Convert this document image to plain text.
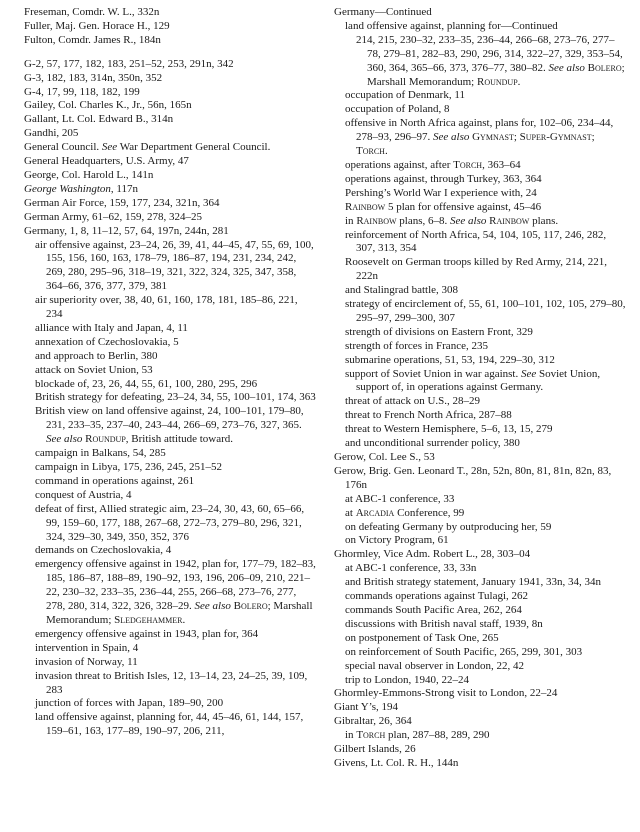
Freseman, Comdr. W. L., 332n

Fuller, Maj. Gen. Horace H., 129

Fulton, Comdr. James R., 184n

G-2, 57, 177, 182, 183, 251–52, 253, 291n, 342

G-3, 182, 183, 314n, 350n, 352

G-4, 17, 99, 118, 182, 199

Gailey, Col. Charles K., Jr., 56n, 165n

Gallant, Lt. Col. Edward B., 314n

Gandhi, 205

General Council. See War Department General Council.

General Headquarters, U.S. Army, 47

George, Col. Harold L., 141n

George Washington, 117n

German Air Force, 159, 177, 234, 321n, 364

German Army, 61–62, 159, 278, 324–25

Germany, 1, 8, 11–12, 57, 64, 197n, 244n, 281

air offensive against, 23–24, 26, 39, 41, 44–45, 47, 55, 69, 100, 155, 156, 160, 163, 178–79, 186–87, 194, 231, 234, 242, 269, 280, 295–96, 318–19, 321, 322, 324, 325, 347, 358, 364–66, 376, 377, 379, 381

air superiority over, 38, 40, 61, 160, 178, 181, 185–86, 221, 234

alliance with Italy and Japan, 4, 11

annexation of Czechoslovakia, 5

and approach to Berlin, 380

attack on Soviet Union, 53

blockade of, 23, 26, 44, 55, 61, 100, 280, 295, 296

British strategy for defeating, 23–24, 34, 55, 100–101, 174, 363

British view on land offensive against, 24, 100–101, 179–80, 231, 233–35, 237–40, 243–44, 266–69, 273–76, 327, 365. See also Roundup, British attitude toward.

campaign in Balkans, 54, 285

campaign in Libya, 175, 236, 245, 251–52

command in operations against, 261

conquest of Austria, 4

defeat of first, Allied strategic aim, 23–24, 30, 43, 60, 65–66, 99, 159–60, 177, 188, 267–68, 272–73, 279–80, 296, 321, 324, 329–30, 349, 350, 352, 376

demands on Czechoslovakia, 4

emergency offensive against in 1942, plan for, 177–79, 182–83, 185, 186–87, 188–89, 190–92, 193, 196, 206–09, 210, 221–22, 230–32, 233–35, 236–44, 255, 266–68, 273–76, 277, 278, 280, 314, 322, 326, 328–29. See also Bolero; Marshall Memorandum; Sledgehammer.

emergency offensive against in 1943, plan for, 364

intervention in Spain, 4

invasion of Norway, 11

invasion threat to British Isles, 12, 13–14, 23, 24–25, 39, 109, 283

junction of forces with Japan, 189–90, 200

land offensive against, planning for, 44, 45–46, 61, 144, 157, 159–61, 163, 177–89, 190–97, 206, 211,

Germany—Continued

land offensive against, planning for—Continued

214, 215, 230–32, 233–35, 236–44, 266–68, 273–76, 277–78, 279–81, 282–83, 290, 296, 314, 322–27, 329, 353–54, 360, 364, 365–66, 373, 376–77, 380–82. See also Bolero; Marshall Memorandum; Roundup.

occupation of Denmark, 11

occupation of Poland, 8

offensive in North Africa against, plans for, 102–06, 234–44, 278–93, 296–97. See also Gymnast; Super-Gymnast; Torch.

operations against, after Torch, 363–64

operations against, through Turkey, 363, 364

Pershing’s World War I experience with, 24

Rainbow 5 plan for offensive against, 45–46

in Rainbow plans, 6–8. See also Rainbow plans.

reinforcement of North Africa, 54, 104, 105, 117, 246, 282, 307, 313, 354

Roosevelt on German troops killed by Red Army, 214, 221, 222n

and Stalingrad battle, 308

strategy of encirclement of, 55, 61, 100–101, 102, 105, 279–80, 295–97, 299–300, 307

strength of divisions on Eastern Front, 329

strength of forces in France, 235

submarine operations, 51, 53, 194, 229–30, 312

support of Soviet Union in war against. See Soviet Union, support of, in operations against Germany.

threat of attack on U.S., 28–29

threat to French North Africa, 287–88

threat to Western Hemisphere, 5–6, 13, 15, 279

and unconditional surrender policy, 380

Gerow, Col. Lee S., 53

Gerow, Brig. Gen. Leonard T., 28n, 52n, 80n, 81, 81n, 82n, 83, 176n

at ABC-1 conference, 33

at Arcadia Conference, 99

on defeating Germany by outproducing her, 59

on Victory Program, 61

Ghormley, Vice Adm. Robert L., 28, 303–04

at ABC-1 conference, 33, 33n

and British strategy statement, January 1941, 33n, 34, 34n

commands operations against Tulagi, 262

commands South Pacific Area, 262, 264

discussions with British naval staff, 1939, 8n

on postponement of Task One, 265

on reinforcement of South Pacific, 265, 299, 301, 303

special naval observer in London, 22, 42

trip to London, 1940, 22–24

Ghormley-Emmons-Strong visit to London, 22–24

Giant Y’s, 194

Gibraltar, 26, 364

in Torch plan, 287–88, 289, 290

Gilbert Islands, 26

Givens, Lt. Col. R. H., 144n
